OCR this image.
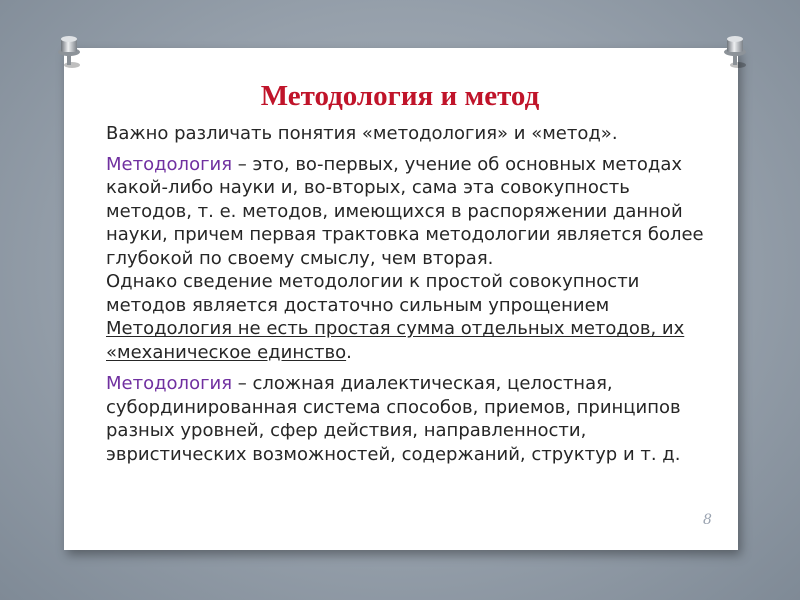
Методология и метод

Важно различать понятия «методология» и «метод».

Методология – это, во-первых, учение об основных методах какой-либо науки и, во-вторых, сама эта совокупность методов, т. е. методов, имеющихся в распоряжении данной науки, причем первая трактовка методологии является более глубокой по своему смыслу, чем вторая.
Однако сведение методологии к простой совокупности методов является достаточно сильным упрощением
Методология не есть простая сумма отдельных методов, их «механическое единство.

Методология – сложная диалектическая, целостная, субординированная система способов, приемов, принципов разных уровней, сфер действия, направленности, эвристических возможностей, содержаний, структур и т. д.

8
